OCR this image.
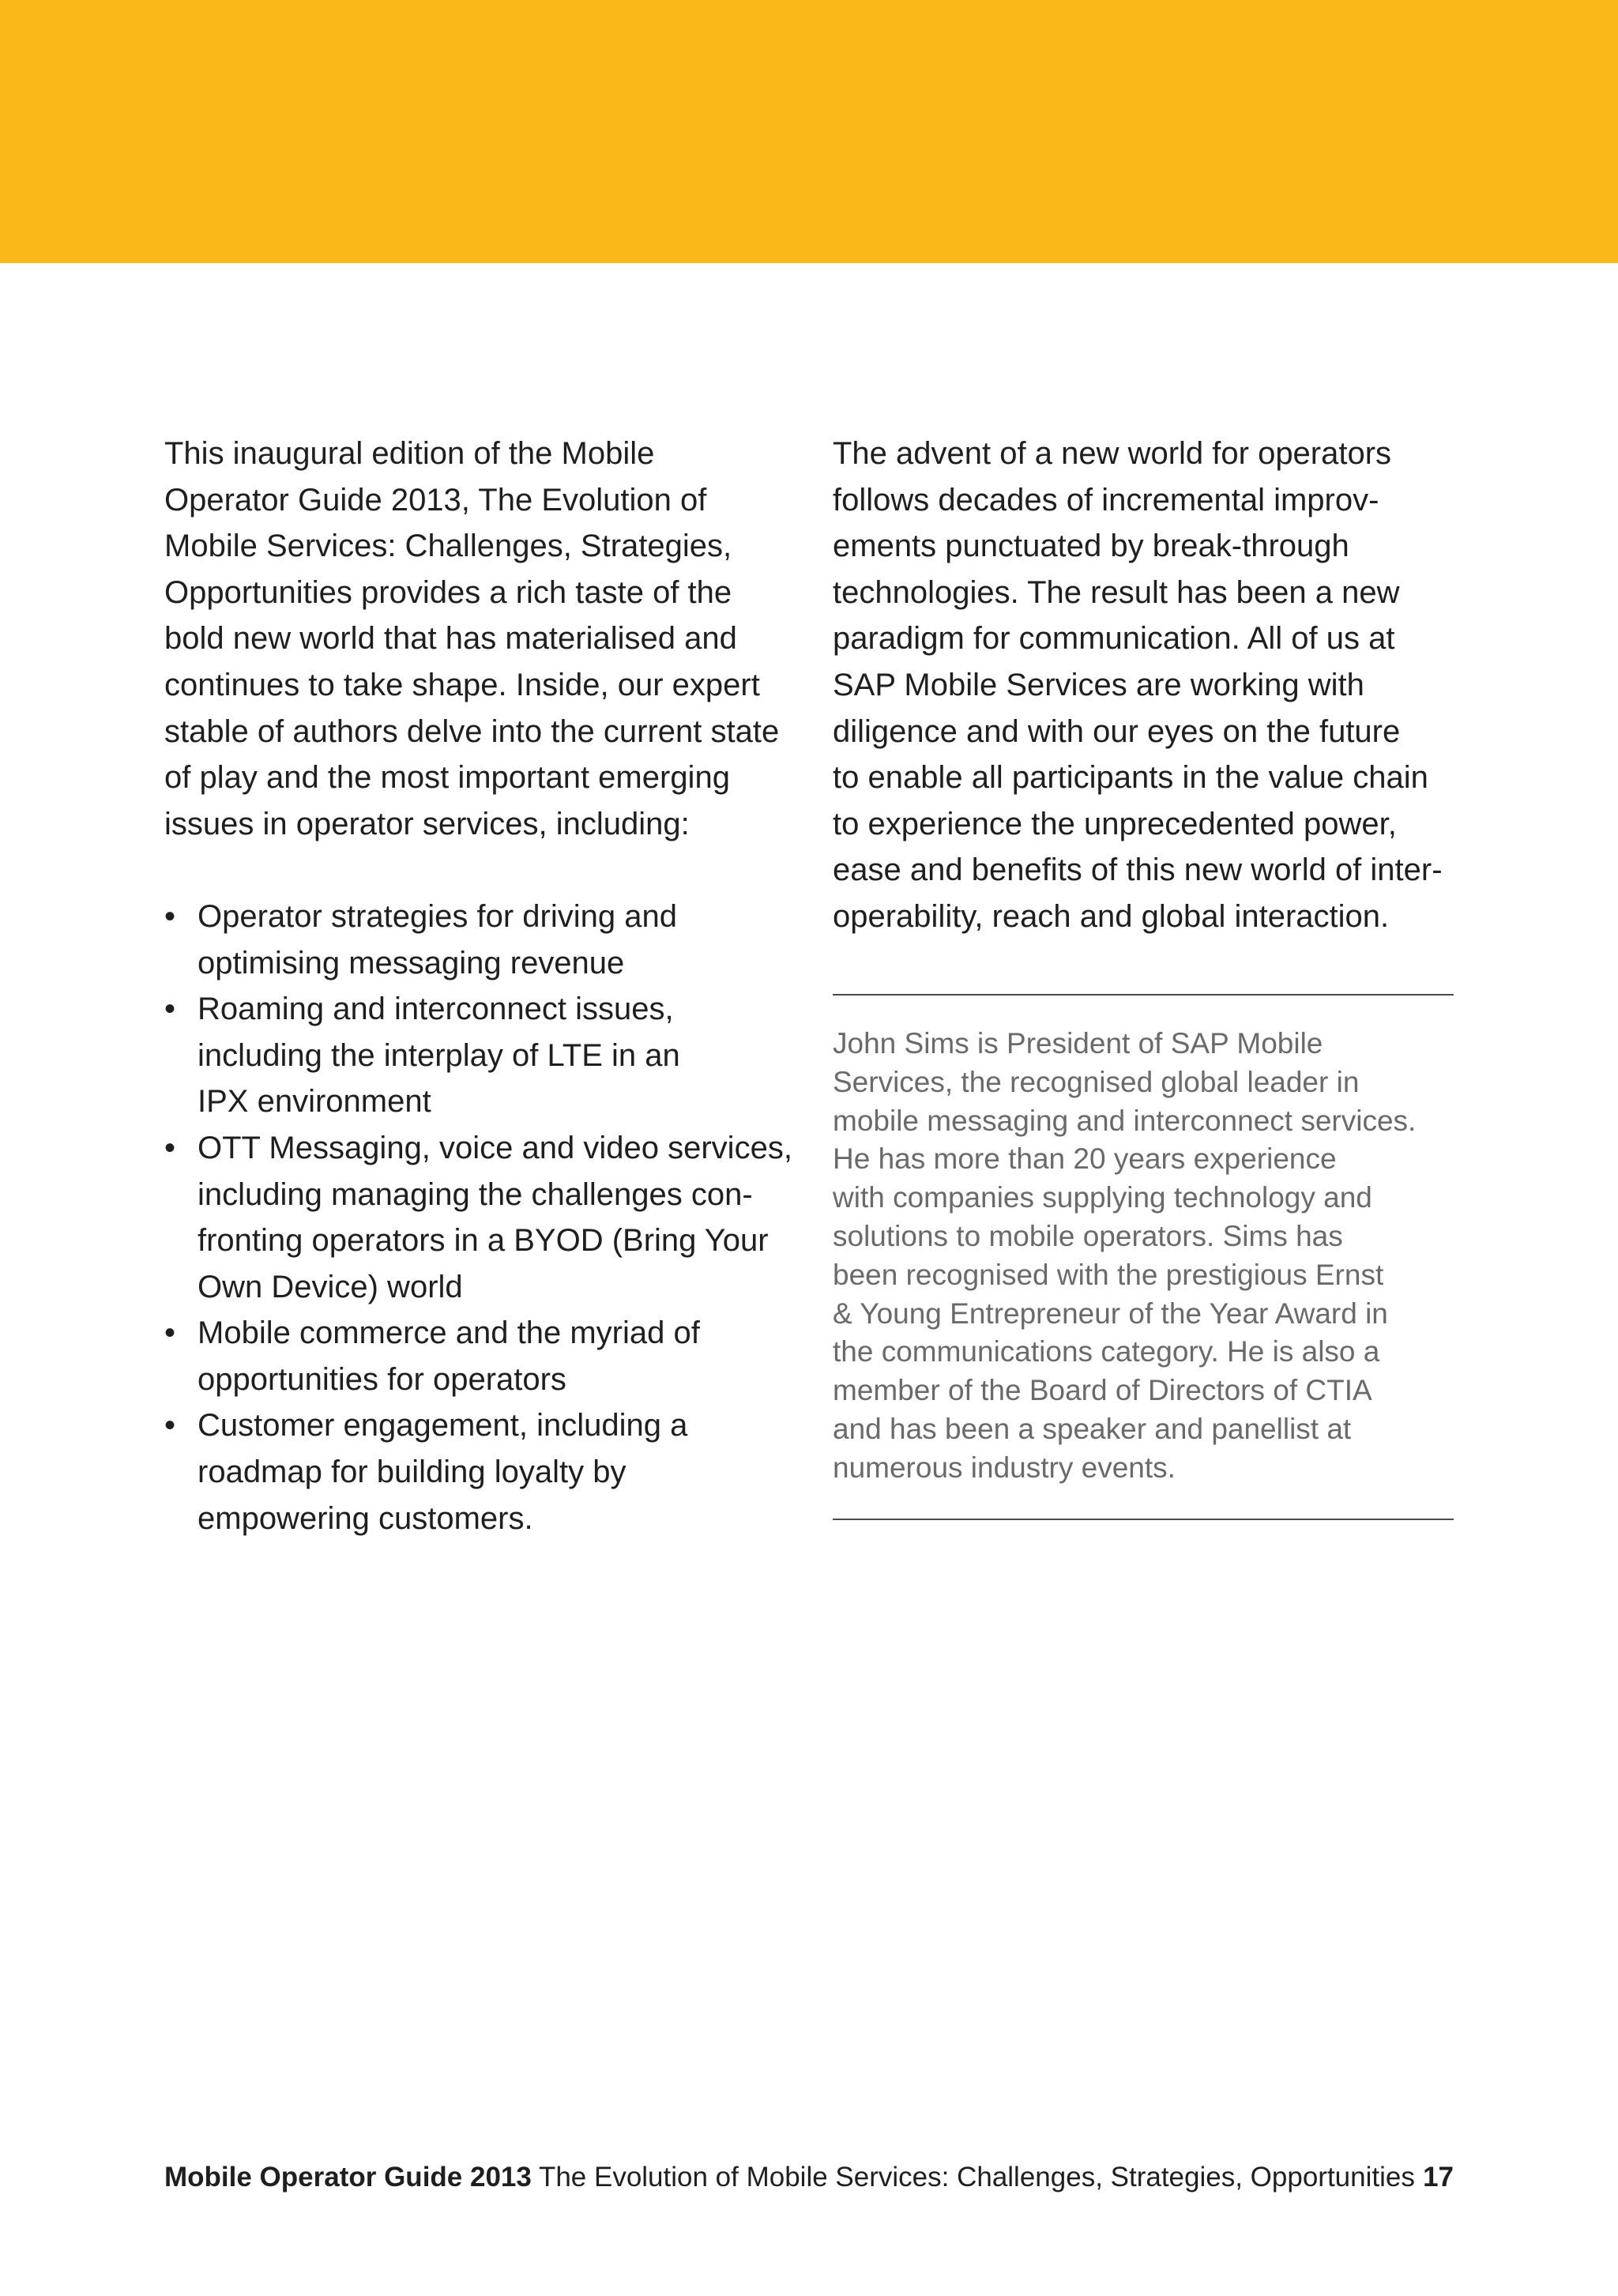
This inaugural edition of the Mobile
Operator Guide 2013, The Evolution of
Mobile Services: Challenges, Strategies,
Opportunities provides a rich taste of the
bold new world that has materialised and
continues to take shape. Inside, our expert
stable of authors delve into the current state
of play and the most important emerging
issues in operator services, including:
• Operator strategies for driving and
optimising messaging revenue
• Roaming and interconnect issues,
including the interplay of LTE in an
IPX environment
• OTT Messaging, voice and video services,
including managing the challenges con-
fronting operators in a BYOD (Bring Your
Own Device) world
• Mobile commerce and the myriad of
opportunities for operators
• Customer engagement, including a
roadmap for building loyalty by
empowering customers.
The advent of a new world for operators
follows decades of incremental improv-
ements punctuated by break-through
technologies. The result has been a new
paradigm for communication. All of us at
SAP Mobile Services are working with
diligence and with our eyes on the future
to enable all participants in the value chain
to experience the unprecedented power,
ease and benefits of this new world of inter-
operability, reach and global interaction.
John Sims is President of SAP Mobile
Services, the recognised global leader in
mobile messaging and interconnect services.
He has more than 20 years experience
with companies supplying technology and
solutions to mobile operators. Sims has
been recognised with the prestigious Ernst
& Young Entrepreneur of the Year Award in
the communications category. He is also a
member of the Board of Directors of CTIA
and has been a speaker and panellist at
numerous industry events.
Mobile Operator Guide 2013 The Evolution of Mobile Services: Challenges, Strategies, Opportunities 17
